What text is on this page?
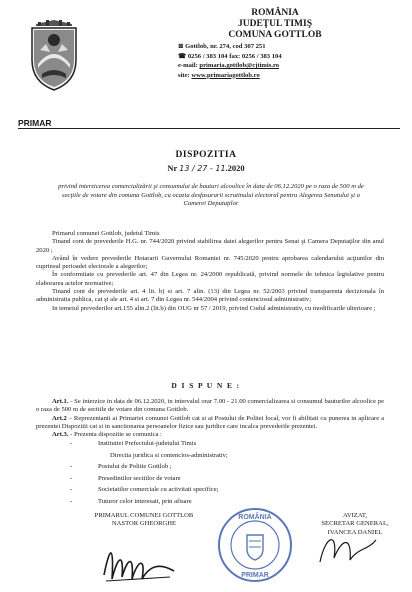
ROMÂNIA
JUDEŢUL TIMIŞ
COMUNA GOTTLOB
⊠ Gottlob, nr. 274, cod 307 251
☎ 0256 / 383 104 fax: 0256 / 383 104
e-mail: primaria.gottlob@cjtimis.ro
site: www.primariagottlob.ro
PRIMAR
DISPOZITIA
Nr 13 / 27 - 11.2020
privind interzicerea comercializării şi consumului de bauturi alcoolice în data de 06.12.2020 pe o raza de 500 m de secţiile de votare din comuna Gottlob, cu ocazia desfasurarii scrutinului electoral pentru Alegerea Senatului şi a Camerei Deputaţilor

Primarul comunei Gottlob, judetul Timis

Tinand cont de prevederile H.G. nr. 744/2020 privind stabilirea datei alegerilor pentru Senat şi Camera Deputaţilor din anul 2020 ;

Având în vedere prevederile Hotararii Guvernului Romaniei nr. 745/2020 pentru aprobarea calendarului acţiunilor din cuprinsul perioadei electorale a alegerilor;

În conformitate cu prevederile art. 47 din Legea nr. 24/2000 republicată, privind normele de tehnica legislative pentru elaborarea actelor normative;

Tinand cont de prevederile art. 4 lit. b) si art. 7 alin. (13) din Legea nr. 52/2003 privind transparenta decizionala în administratia publica, cat şi ale art. 4 si art. 7 din Legea nr. 544/2004 privind contenciosul administrativ;

In temeiul prevederilor art.155 alin.2 (lit.b) din OUG nr 57 / 2019, privind Codul administrativ, cu modificarile ulterioare ;

D I S P U N E :

Art.1. - Se interzice in data de 06.12.2020, in intervalul orar 7.00 - 21.00 comercializarea si consumul bauturilor alcoolice pe o raza de 500 m de sectiile de votare din comuna Gottlob.

Art.2 – Reprezentanti ai Primariei comunei Gottlob cat si ai Postului de Politei local, vor fi abilitati cu punerea in aplicare a prezentei Dispozitii cat si in sanctionarea persoanelor fizice sau juridice care incalca prevederile prezentei.

Art.3. - Prezenta dispozitie se comunica :

-	Institutiei Prefectului-judetului Timis
Directia juridica si contencios-administrativ;
-	Postului de Politie Gottlob ;
-	Presedintilor sectiilor de votare
-	Societatilor comerciale cu activitati specifice;
-	Tuturor celor interesati, prin afisare
PRIMARUL COMUNEI GOTTLOB
NASTOR GHEORGHE
ROMÂNIA
PRIMAR
AVIZAT,
SECRETAR GENERAL,
IVANCEA DANIEL
